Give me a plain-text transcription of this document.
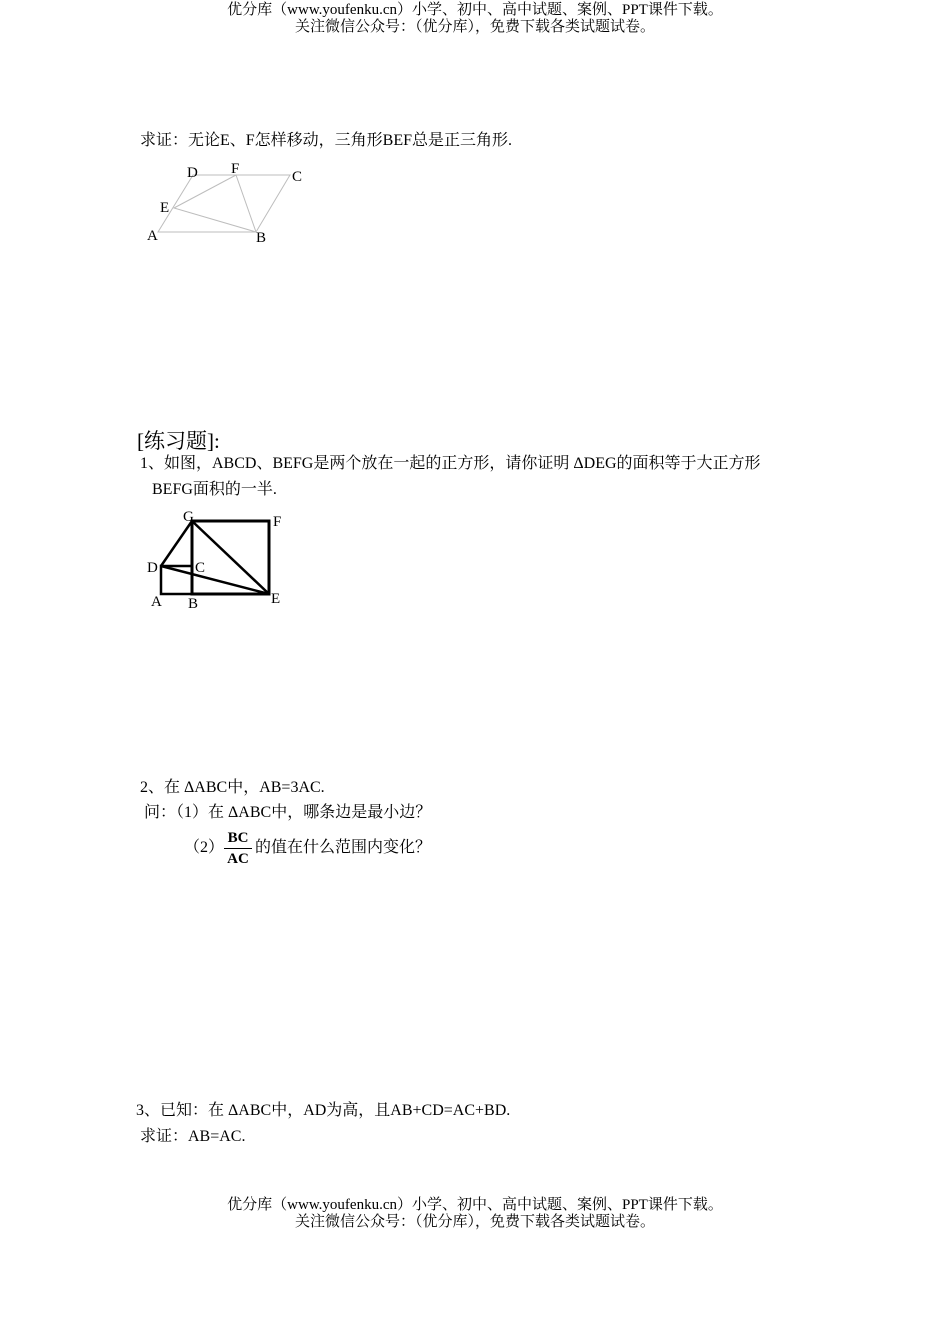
优分库（www.youfenku.cn）小学、初中、高中试题、案例、PPT课件下载。
关注微信公众号：（优分库），免费下载各类试题试卷。
求证：无论E、F怎样移动，三角形BEF总是正三角形.
D F	C
E
A	B
G	F
D C
A B	E
[练习题]:
1、如图，ABCD、BEFG是两个放在一起的正方形，请你证明 ΔDEG的面积等于大正方形
BEFG面积的一半.
2、在 ΔABC中，AB=3AC.
问：（1）在 ΔABC中，哪条边是最小边？
（2）
BC
AC
的值在什么范围内变化？
3、已知：在 ΔABC中，AD为高，且AB+CD=AC+BD.
求证：AB=AC.
优分库（www.youfenku.cn）小学、初中、高中试题、案例、PPT课件下载。
关注微信公众号：（优分库），免费下载各类试题试卷。
